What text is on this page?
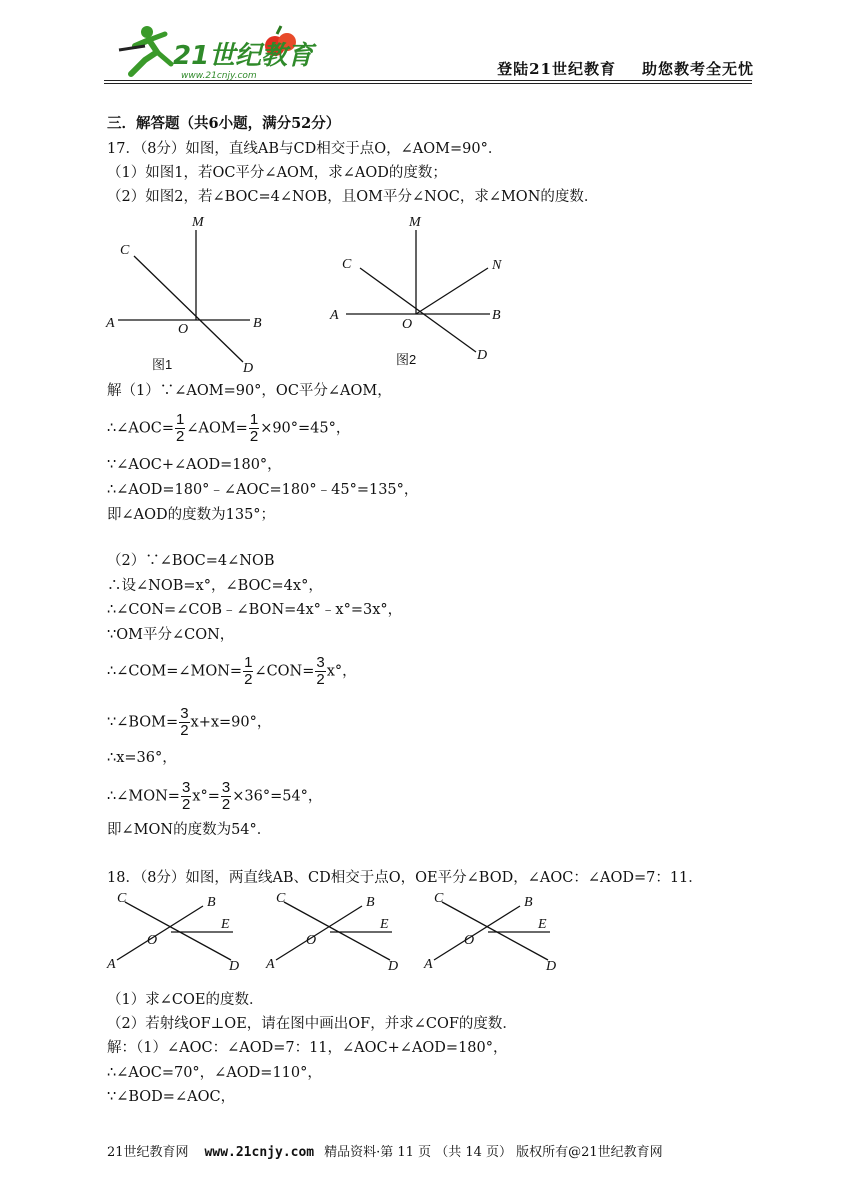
21世纪教育
www.21cnjy.com	登陆21世纪教育 助您教考全无忧
三．解答题（共6小题，满分52分）
17．（8分）如图，直线AB与CD相交于点O，∠AOM=90°．
（1）如图1，若OC平分∠AOM，求∠AOD的度数；
（2）如图2，若∠BOC=4∠NOB，且OM平分∠NOC，求∠MON的度数．
M
C
A	O	B
D
图1
M
C	N
A
O
B
D
图2
解（1）∵∠AOM=90°，OC平分∠AOM，
∴∠AOC= $\frac{1}{2}$ ∠AOM= $\frac{1}{2} \times 90^\circ=45^\circ$，
∵∠AOC+∠AOD=180°，
∴∠AOD=180°﹣∠AOC=180°﹣45°=135°，
即∠AOD的度数为135°；
（2）∵∠BOC=4∠NOB
∴设∠NOB=x°，∠BOC=4x°，
∴∠CON=∠COB﹣∠BON=4x°﹣x°=3x°，
∵OM平分∠CON，
∴∠COM=∠MON= $\frac{1}{2}$ ∠CON= $\frac{3}{2} x^\circ$，
∵∠BOM= $\frac{3}{2} x+x=90^\circ$，
∴x=36°，
∴∠MON= $\frac{3}{2} x^\circ= \frac{3}{2} \times 36^\circ=54^\circ$，
即∠MON的度数为54°．
18．（8分）如图，两直线AB、CD相交于点O，OE平分∠BOD，∠AOC：∠AOD=7：11．
C	B
O
E
A	D
C	B
O
E
A	D
C	B
O
E
A	D
（1）求∠COE的度数．
（2）若射线OF⊥OE，请在图中画出OF，并求∠COF的度数．
解：（1）∠AOC：∠AOD=7：11，∠AOC+∠AOD=180°，
∴∠AOC=70°，∠AOD=110°，
∵∠BOD=∠AOC，
21世纪教育网 www.21cnjy.com 精品资料·第 11 页 （共 14 页） 版权所有@21世纪教育网
